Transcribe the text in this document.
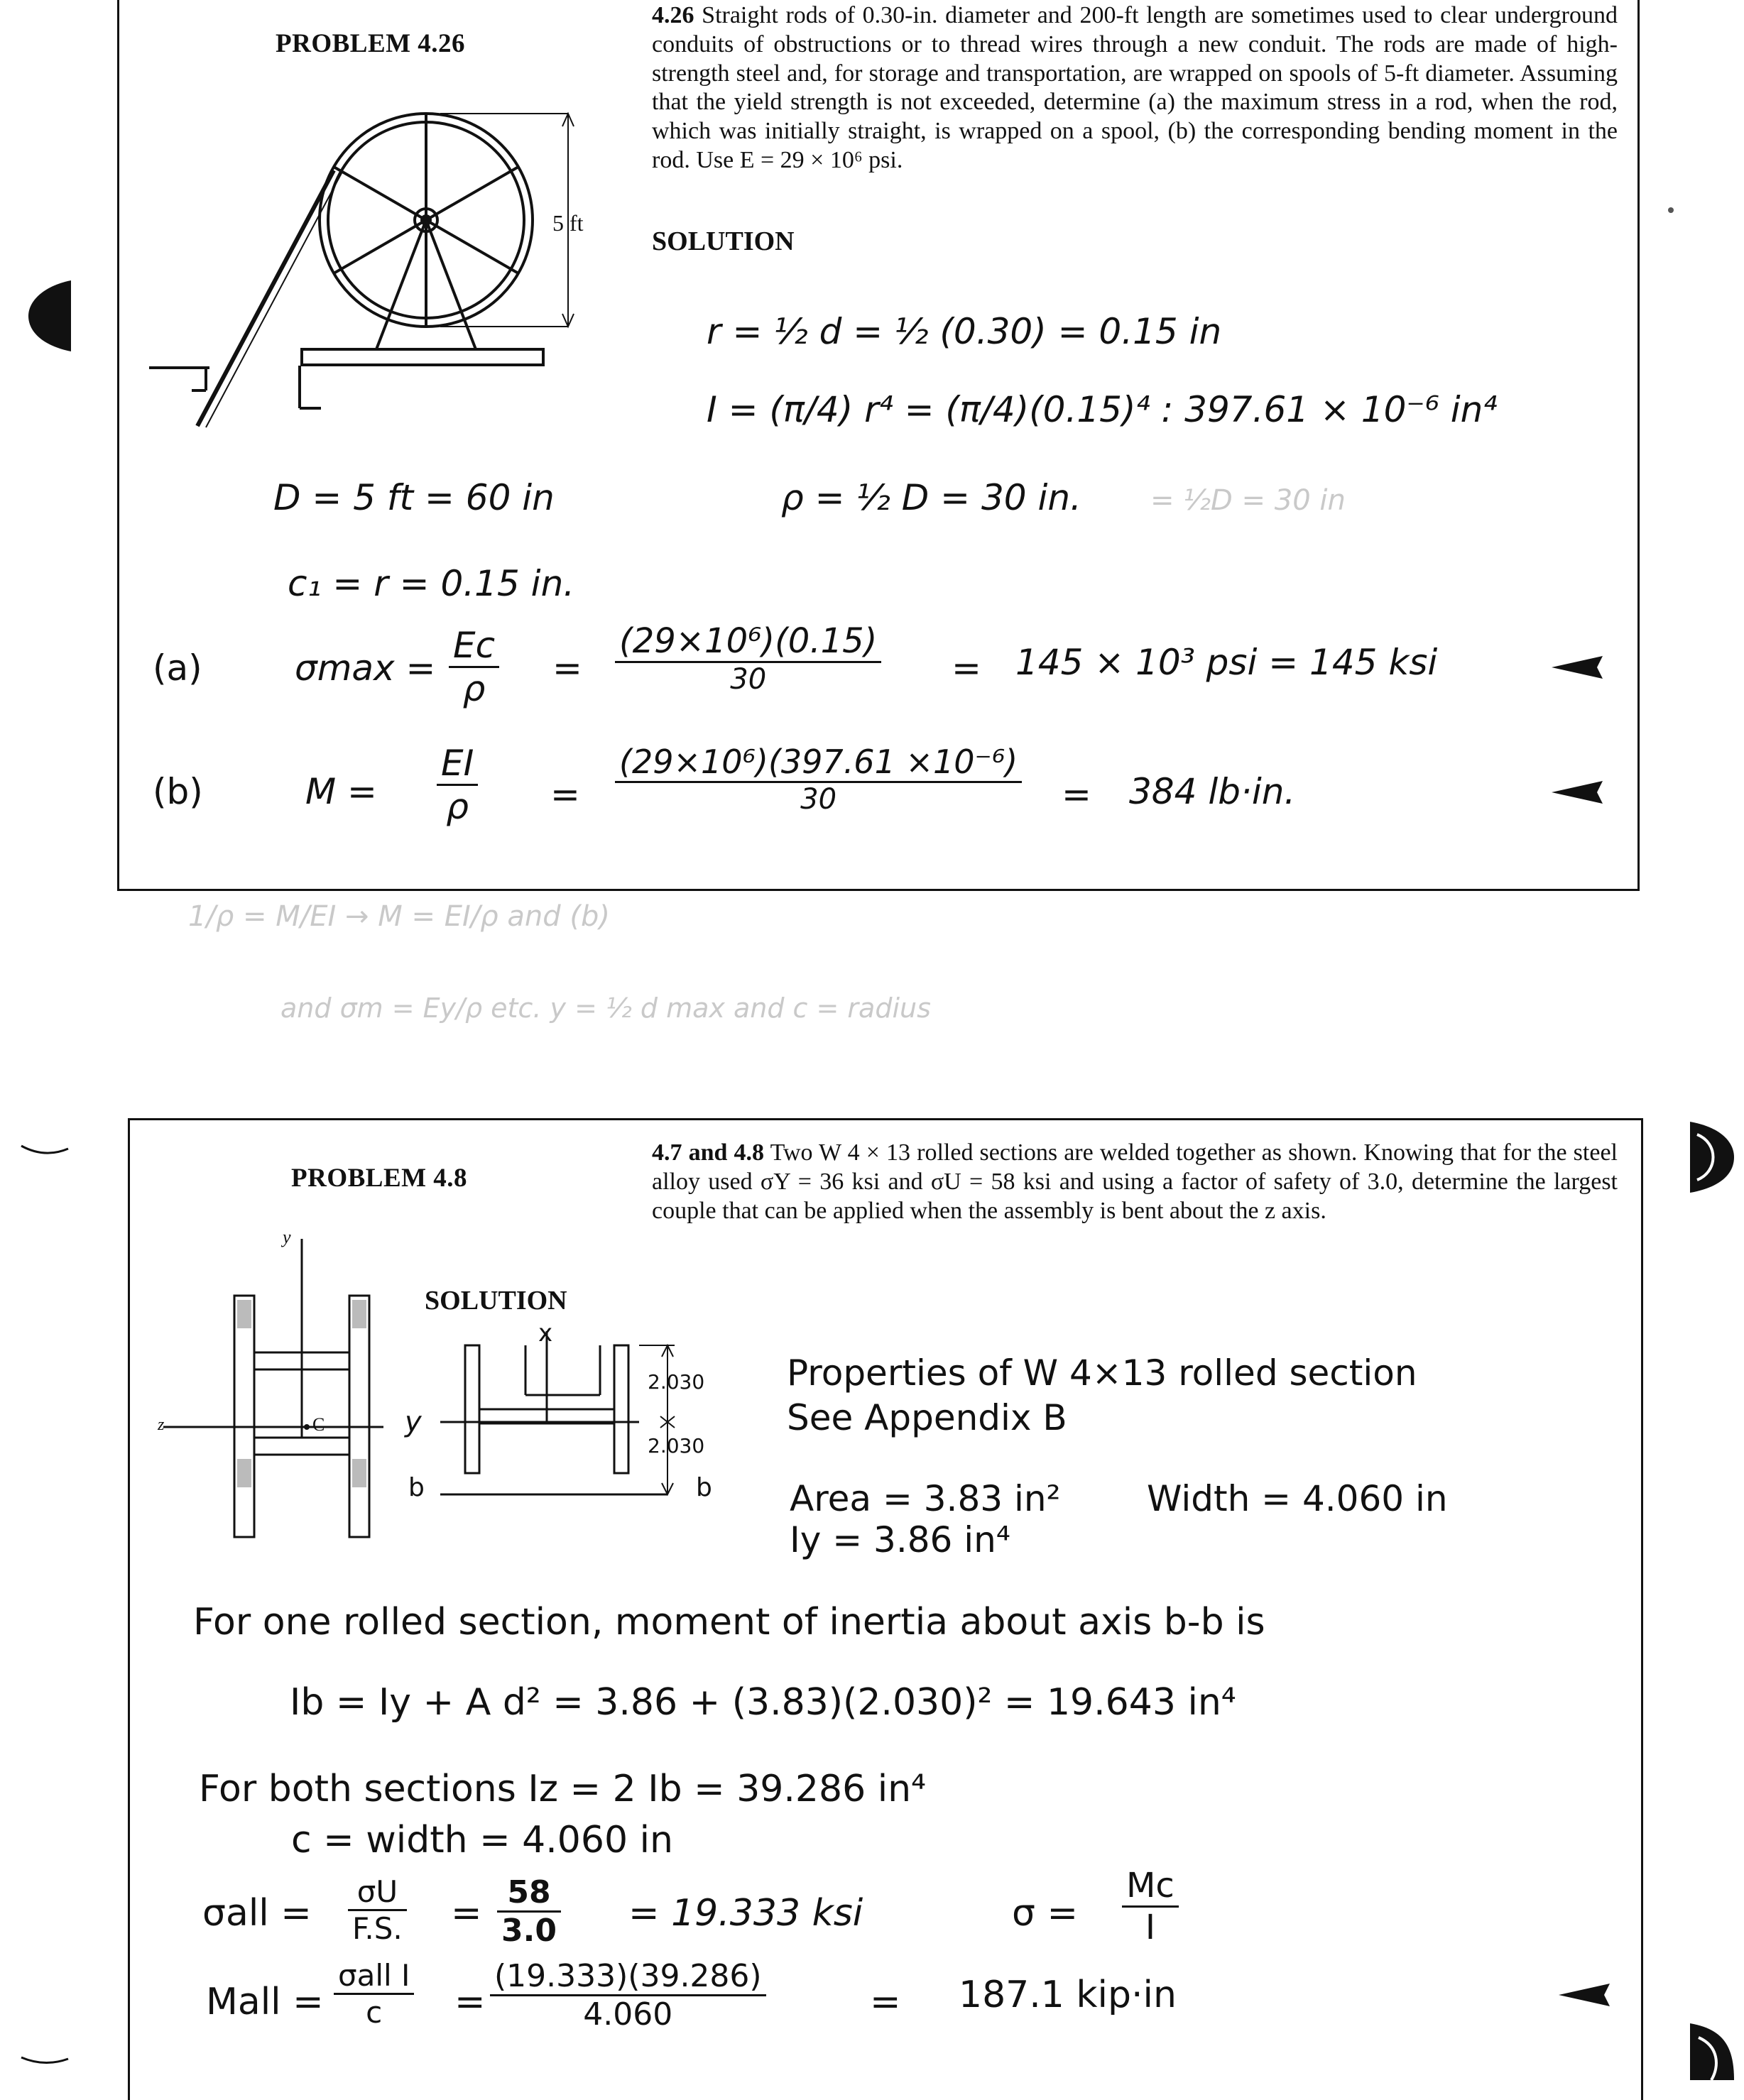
PROBLEM 4.26
4.26 Straight rods of 0.30-in. diameter and 200-ft length are sometimes used to clear underground conduits of obstructions or to thread wires through a new conduit. The rods are made of high-strength steel and, for storage and transportation, are wrapped on spools of 5-ft diameter. Assuming that the yield strength is not exceeded, determine (a) the maximum stress in a rod, when the rod, which was initially straight, is wrapped on a spool, (b) the corresponding bending moment in the rod. Use E = 29 × 10⁶ psi.
5 ft
SOLUTION
r = ½ d = ½ (0.30) = 0.15 in
I = (π/4) r⁴ = (π/4)(0.15)⁴ : 397.61 × 10⁻⁶ in⁴
D = 5 ft = 60 in	ρ = ½ D = 30 in. = ½D = 30 in
c₁ = r = 0.15 in.
(a)	$\sigma\max = \frac{Ec}{\rho}$ =
(29×10⁶)(0.15)
30	= 145 × 10³ psi = 145 ksi
(b)	$M = \frac{EI}{\rho} = \frac{\text{(29×10⁶)(397.61 ×10⁻⁶)}}{30} = 384$ lb·in.
1/ρ = M/EI → M = EI/ρ and (b)
and σm = Ey/ρ etc. y = ½ d max and c = radius
PROBLEM 4.8
4.7 and 4.8 Two W 4 × 13 rolled sections are welded together as shown. Knowing that for the steel alloy used σY = 36 ksi and σU = 58 ksi and using a factor of safety of 3.0, determine the largest couple that can be applied when the assembly is bent about the z axis.
y
z	C
SOLUTION
x
y
b	b
2.030
2.030
Properties of W 4×13 rolled section
See Appendix B
Area = 3.83 in² Width = 4.060 in
Iy = 3.86 in⁴
For one rolled section, moment of inertia about axis b-b is
Ib = Iy + A d² = 3.86 + (3.83)(2.030)² = 19.643 in⁴
For both sections Iz = 2 Ib = 39.286 in⁴
c = width = 4.060 in
$\sigma all = \frac{\sigma U}{F.S.} = \frac{58}{3.0} = 19.333$ ksi	$\sigma = \frac{Mc}{I}$
Mall =
σall I
c	= $\frac{(19.333)(39.286)}{4.060}$	= 187.1 kip·in
